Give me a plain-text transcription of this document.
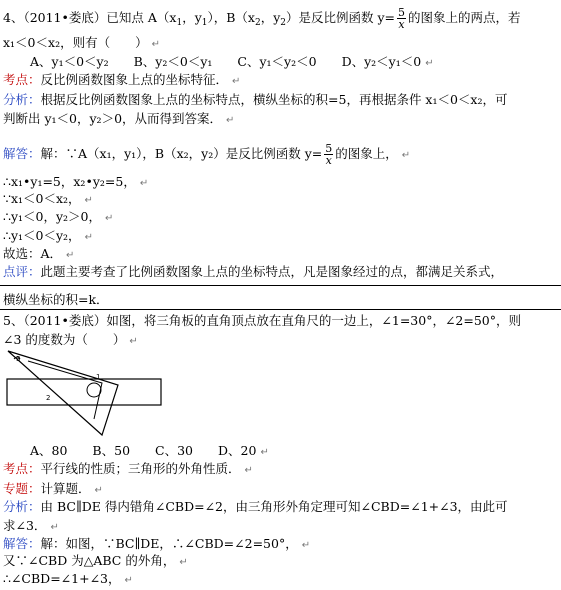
4、（2011•娄底）已知点 $A(x_1$，$y_1$），$B(x_2$，$y_2$）是反比例函数 $y= \frac{5}{x}$ 的图象上的两点，若
x₁＜0＜x₂，则有（　　） ↵
A、y₁＜0＜y₂　　B、y₂＜0＜y₁　　C、y₁＜y₂＜0　　D、y₂＜y₁＜0 ↵
考点：反比例函数图象上点的坐标特征． ↵
分析：根据反比例函数图象上点的坐标特点，横纵坐标的积=5，再根据条件 x₁＜0＜x₂，可
判断出 y₁＜0，y₂＞0，从而得到答案． ↵
解答：解：∵A（x₁，y₁），B（x₂，y₂）是反比例函数 $y= \frac{5}{x}$ 的图象上， ↵
∴x₁•y₁=5，x₂•y₂=5， ↵
∵x₁＜0＜x₂， ↵
∴y₁＜0，y₂＞0， ↵
∴y₁＜0＜y₂， ↵
故选：A． ↵
点评：此题主要考查了比例函数图象上点的坐标特点，凡是图象经过的点，都满足关系式，
横纵坐标的积=k．
5、（2011•娄底）如图，将三角板的直角顶点放在直角尺的一边上，∠1=30°，∠2=50°，则
∠3 的度数为（　　） ↵
3
1
2
A、80　　B、50　　C、30　　D、20 ↵
考点：平行线的性质；三角形的外角性质． ↵
专题：计算题． ↵
分析：由 BC∥DE 得内错角∠CBD=∠2，由三角形外角定理可知∠CBD=∠1+∠3，由此可
求∠3． ↵
解答：解：如图，∵BC∥DE，∴∠CBD=∠2=50°， ↵
又∵∠CBD 为△ABC 的外角， ↵
∴∠CBD=∠1+∠3， ↵
